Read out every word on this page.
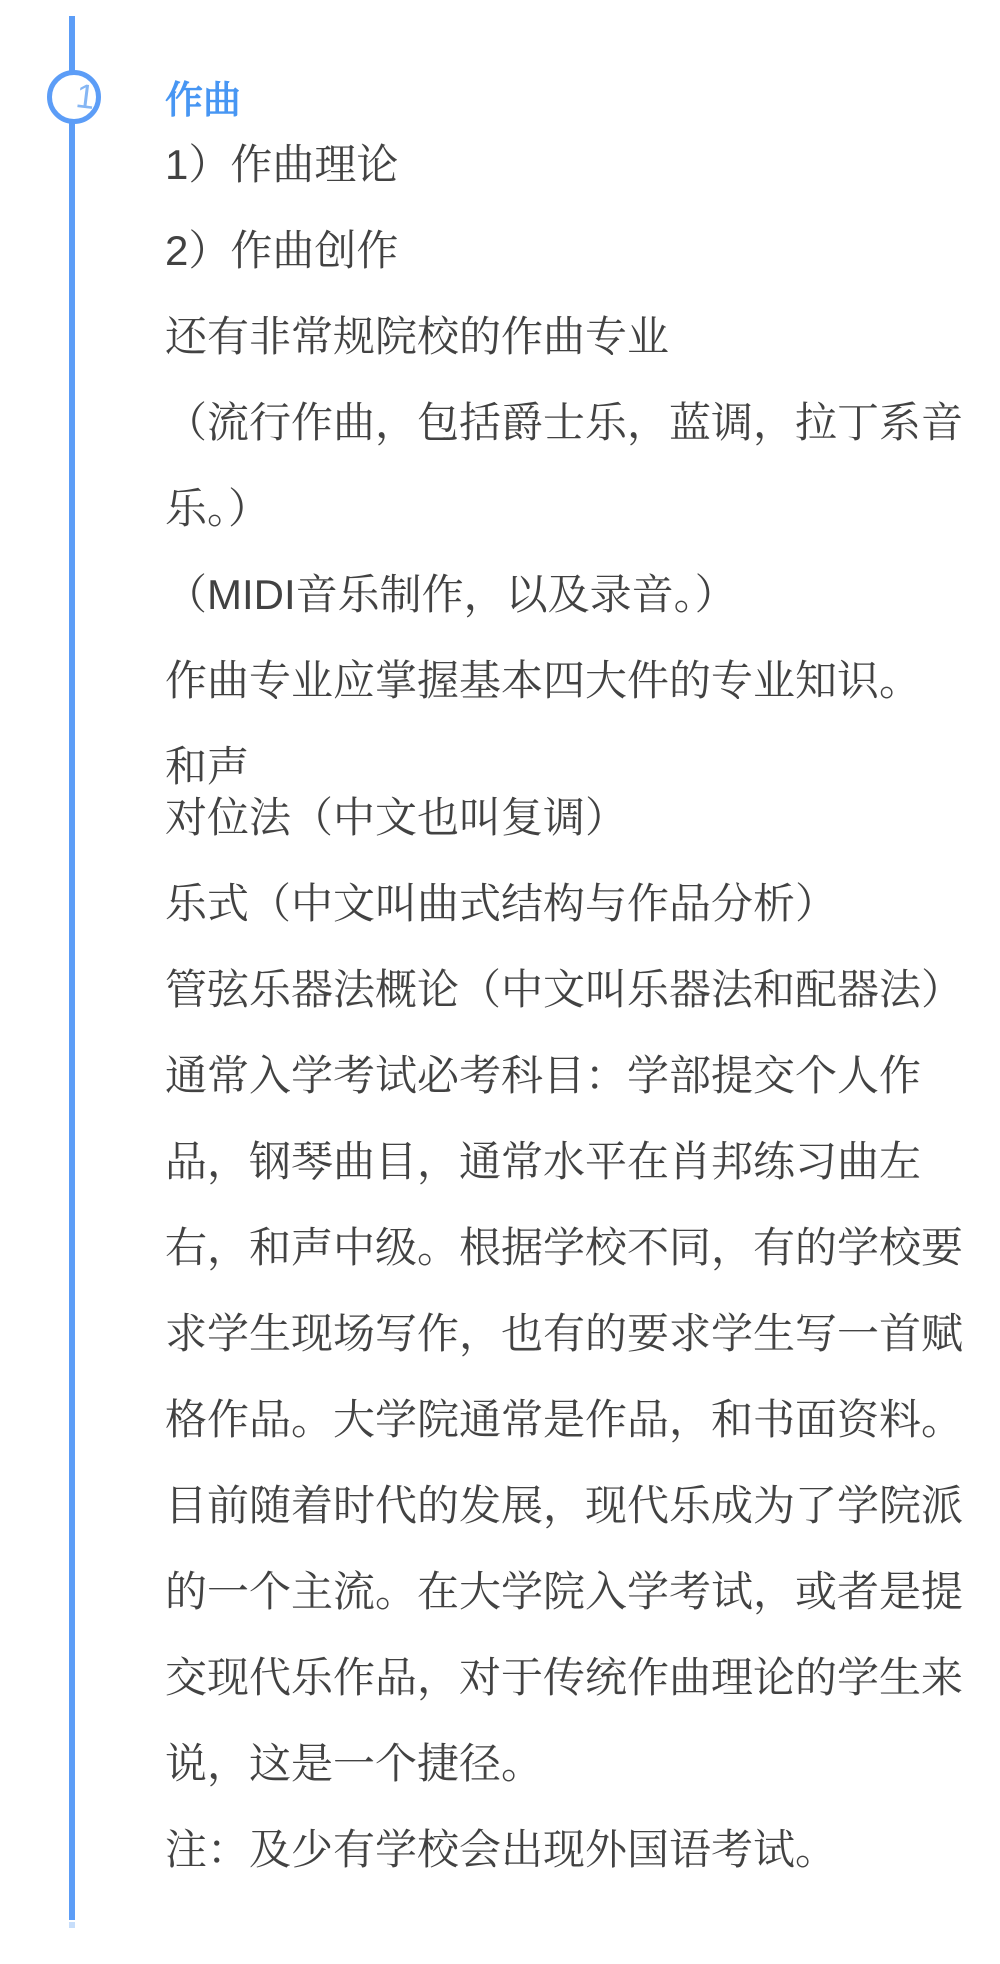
1 作曲
1）作曲理论
2）作曲创作
还有非常规院校的作曲专业
（流行作曲，包括爵士乐，蓝调，拉丁系音
乐。）
（MIDI音乐制作，以及录音。）
作曲专业应掌握基本四大件的专业知识。
和声
对位法（中文也叫复调）
乐式（中文叫曲式结构与作品分析）
管弦乐器法概论（中文叫乐器法和配器法）
通常入学考试必考科目：学部提交个人作
品，钢琴曲目，通常水平在肖邦练习曲左
右，和声中级。根据学校不同，有的学校要
求学生现场写作，也有的要求学生写一首赋
格作品。大学院通常是作品，和书面资料。
目前随着时代的发展，现代乐成为了学院派
的一个主流。在大学院入学考试，或者是提
交现代乐作品，对于传统作曲理论的学生来
说，这是一个捷径。
注：及少有学校会出现外国语考试。
